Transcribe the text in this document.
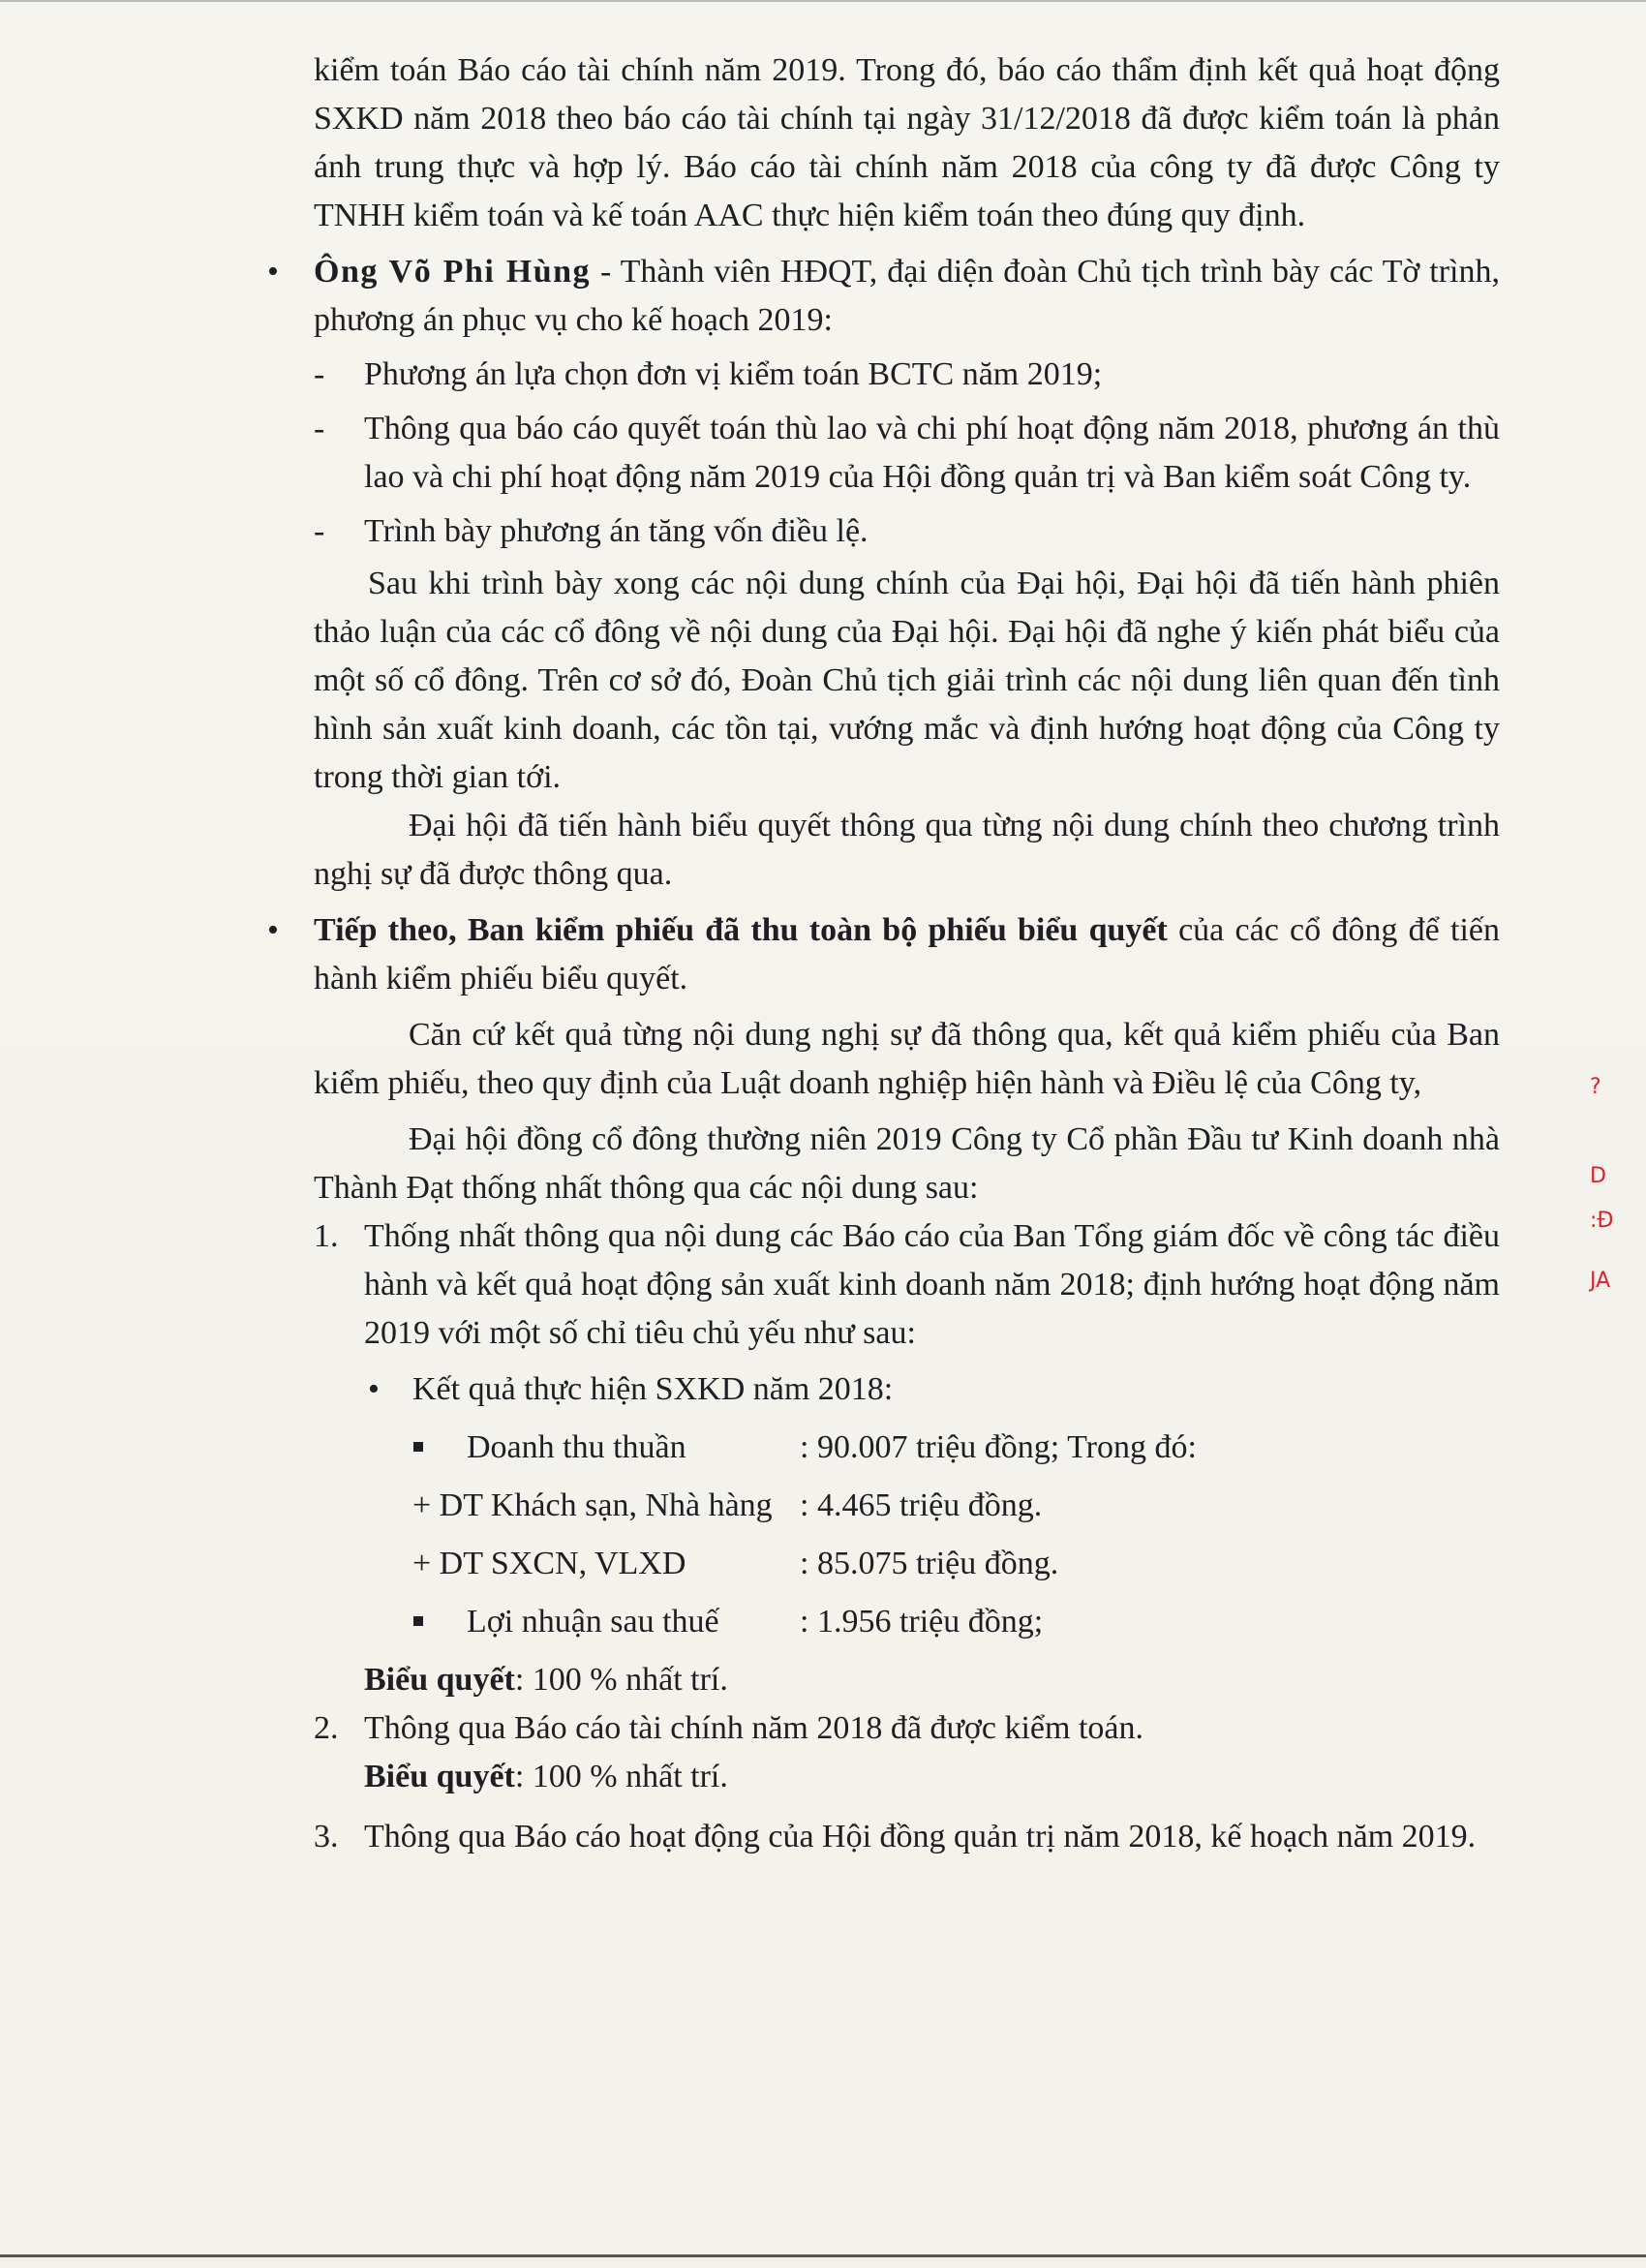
kiểm toán Báo cáo tài chính năm 2019. Trong đó, báo cáo thẩm định kết quả hoạt động SXKD năm 2018 theo báo cáo tài chính tại ngày 31/12/2018 đã được kiểm toán là phản ánh trung thực và hợp lý. Báo cáo tài chính năm 2018 của công ty đã được Công ty TNHH kiểm toán và kế toán AAC thực hiện kiểm toán theo đúng quy định.

• Ông Võ Phi Hùng - Thành viên HĐQT, đại diện đoàn Chủ tịch trình bày các Tờ trình, phương án phục vụ cho kế hoạch 2019:

- Phương án lựa chọn đơn vị kiểm toán BCTC năm 2019;

- Thông qua báo cáo quyết toán thù lao và chi phí hoạt động năm 2018, phương án thù lao và chi phí hoạt động năm 2019 của Hội đồng quản trị và Ban kiểm soát Công ty.

- Trình bày phương án tăng vốn điều lệ.

Sau khi trình bày xong các nội dung chính của Đại hội, Đại hội đã tiến hành phiên thảo luận của các cổ đông về nội dung của Đại hội. Đại hội đã nghe ý kiến phát biểu của một số cổ đông. Trên cơ sở đó, Đoàn Chủ tịch giải trình các nội dung liên quan đến tình hình sản xuất kinh doanh, các tồn tại, vướng mắc và định hướng hoạt động của Công ty trong thời gian tới.

Đại hội đã tiến hành biểu quyết thông qua từng nội dung chính theo chương trình nghị sự đã được thông qua.

• Tiếp theo, Ban kiểm phiếu đã thu toàn bộ phiếu biểu quyết của các cổ đông để tiến hành kiểm phiếu biểu quyết.

Căn cứ kết quả từng nội dung nghị sự đã thông qua, kết quả kiểm phiếu của Ban kiểm phiếu, theo quy định của Luật doanh nghiệp hiện hành và Điều lệ của Công ty,

Đại hội đồng cổ đông thường niên 2019 Công ty Cổ phần Đầu tư Kinh doanh nhà Thành Đạt thống nhất thông qua các nội dung sau:

1. Thống nhất thông qua nội dung các Báo cáo của Ban Tổng giám đốc về công tác điều hành và kết quả hoạt động sản xuất kinh doanh năm 2018; định hướng hoạt động năm 2019 với một số chỉ tiêu chủ yếu như sau:

• Kết quả thực hiện SXKD năm 2018:

Doanh thu thuần	: 90.007 triệu đồng; Trong đó:
+ DT Khách sạn, Nhà hàng : 4.465 triệu đồng.
+ DT SXCN, VLXD	: 85.075 triệu đồng.
Lợi nhuận sau thuế	: 1.956 triệu đồng;

Biểu quyết: 100 % nhất trí.

2. Thông qua Báo cáo tài chính năm 2018 đã được kiểm toán.

Biểu quyết: 100 % nhất trí.

3. Thông qua Báo cáo hoạt động của Hội đồng quản trị năm 2018, kế hoạch năm 2019.

?
D
:Đ
JA
